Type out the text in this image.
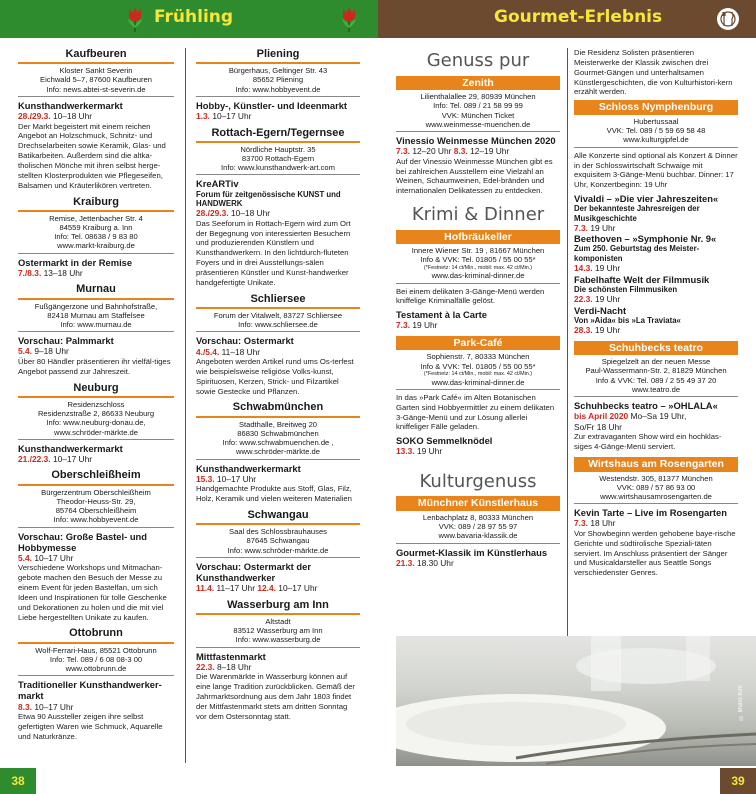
Frühling	Gourmet-Erlebnis
Kaufbeuren
Kloster Sankt Severin
Eichwald 5–7, 87600 Kaufbeuren
Info: news.abtei-st-severin.de
Kunsthandwerkermarkt
28./29.3. 10–18 Uhr
Der Markt begeistert mit einem reichen Angebot an Holzschmuck, Schnitz- und Drechselarbeiten sowie Keramik, Glas- und Batikarbeiten. Außerdem sind die altka-tholischen Mönche mit ihren selbst herge-stellten Klosterprodukten wie Pflegeseifen, Balsamen und Kräuterlikören vertreten.
Kraiburg
Remise, Jettenbacher Str. 4
84559 Kraiburg a. Inn
Info: Tel. 08638 / 9 83 80
www.markt-kraiburg.de
Ostermarkt in der Remise
7./8.3. 13–18 Uhr
Murnau
Fußgängerzone und Bahnhofstraße,
82418 Murnau am Staffelsee
Info: www.murnau.de
Vorschau: Palmmarkt
5.4. 9–18 Uhr
Über 80 Händler präsentieren ihr vielfäl-tiges Angebot passend zur Jahreszeit.
Neuburg
Residenzschloss
Residenzstraße 2, 86633 Neuburg
Info: www.neuburg-donau.de,
www.schröder-märkte.de
Kunsthandwerkermarkt
21./22.3. 10–17 Uhr
Oberschleißheim
Bürgerzentrum Oberschleißheim
Theodor-Heuss-Str. 29,
85764 Oberschleißheim
Info: www.hobbyevent.de
Vorschau: Große Bastel- und Hobbymesse
5.4. 10–17 Uhr
Verschiedene Workshops und Mitmachan-gebote machen den Besuch der Messe zu einem Event für jeden Bastelfan, um sich Ideen und Inspirationen für tolle Geschenke und Dekorationen zu holen und die mit viel Liebe hergestellten Unikate zu kaufen.
Ottobrunn
Wolf-Ferrari-Haus, 85521 Ottobrunn
Info: Tel. 089 / 6 08 08-3 00
www.ottobrunn.de
Traditioneller Kunsthandwerker-markt
8.3. 10–17 Uhr
Etwa 90 Aussteller zeigen ihre selbst gefertigten Waren wie Schmuck, Aquarelle und Naturkränze.
Pliening
Bürgerhaus, Geltinger Str. 43
85652 Pliening
Info: www.hobbyevent.de
Hobby-, Künstler- und Ideenmarkt
1.3. 10–17 Uhr
Rottach-Egern/Tegernsee
Nördliche Hauptstr. 35
83700 Rottach-Egern
Info: www.kunsthandwerk-art.com
KreARTiv
Forum für zeitgenössische KUNST und HANDWERK
28./29.3. 10–18 Uhr
Das Seeforum in Rottach-Egern wird zum Ort der Begegnung von interessierten Besuchern und produzierenden Künstlern und Kunsthandwerkern. In den lichtdurch-fluteten Foyers und in drei Ausstellungs-sälen präsentieren Künstler und Kunst-handwerker handgefertigte Unikate.
Schliersee
Forum der Vitalwelt, 83727 Schliersee
Info: www.schliersee.de
Vorschau: Ostermarkt
4./5.4. 11–18 Uhr
Angeboten werden Artikel rund ums Os-terfest wie beispielsweise religiöse Volks-kunst, Spirituosen, Kerzen, Strick- und Filzartikel sowie Gestecke und Pflanzen.
Schwabmünchen
Stadthalle, Breitweg 20
86830 Schwabmünchen
Info: www.schwabmuenchen.de ,
www.schröder-märkte.de
Kunsthandwerkermarkt
15.3. 10–17 Uhr
Handgemachte Produkte aus Stoff, Glas, Filz, Holz, Keramik und vielen weiteren Materialien
Schwangau
Saal des Schlossbrauhauses
87645 Schwangau
Info: www.schröder-märkte.de
Vorschau: Ostermarkt der Kunsthandwerker
11.4. 11–17 Uhr 12.4. 10–17 Uhr
Wasserburg am Inn
Altstadt
83512 Wasserburg am Inn
Info: www.wasserburg.de
Mittfastenmarkt
22.3. 8–18 Uhr
Die Warenmärkte in Wasserburg können auf eine lange Tradition zurückblicken. Gemäß der Jahrmarktsordnung aus dem Jahr 1803 findet der Mittfastenmarkt stets am dritten Sonntag vor dem Ostersonntag statt.
Genuss pur
Zenith
Lilienthalallee 29, 80939 München
Info: Tel. 089 / 21 58 99 99
VVK: München Ticket
www.weinmesse-muenchen.de
Vinessio Weinmesse München 2020
7.3. 12–20 Uhr 8.3. 12–19 Uhr
Auf der Vinessio Weinmesse München gibt es bei zahlreichen Ausstellern eine Vielzahl an Weinen, Schaumweinen, Edel-bränden und internationalen Delikatessen zu entdecken.
Krimi & Dinner
Hofbräukeller
Innere Wiener Str. 19 , 81667 München
Info & VVK: Tel. 01805 / 55 00 55*
(*Festnetz: 14 ct/Min., mobil: max. 42 ct/Min.)
www.das-kriminal-dinner.de
Bei einem delikaten 3-Gänge-Menü werden kniffelige Kriminalfälle gelöst.
Testament à la Carte
7.3. 19 Uhr
Park-Café
Sophienstr. 7, 80333 München
Info & VVK: Tel. 01805 / 55 00 55*
(*Festnetz: 14 ct/Min., mobil: max. 42 ct/Min.)
www.das-kriminal-dinner.de
In das »Park Café« im Alten Botanischen Garten sind Hobbyermittler zu einem delikaten 3-Gänge-Menü und zur Lösung allerlei kniffeliger Fälle geladen.
SOKO Semmelknödel
13.3. 19 Uhr
Kulturgenuss
Münchner Künstlerhaus
Lenbachplatz 8, 80333 München
VVK: 089 / 28 97 55 97
www.bavaria-klassik.de
Gourmet-Klassik im Künstlerhaus
21.3. 18.30 Uhr
Die Residenz Solisten präsentieren Meisterwerke der Klassik zwischen drei Gourmet-Gängen und unterhaltsamen Künstlergeschichten, die von Kulturhistori-kern erzählt werden.
Schloss Nymphenburg
Hubertussaal
VVK: Tel. 089 / 5 59 69 58 48
www.kulturgipfel.de
Alle Konzerte sind optional als Konzert & Dinner in der Schlosswirtschaft Schwaige mit exquisitem 3-Gänge-Menü buchbar. Dinner: 17 Uhr, Konzertbeginn: 19 Uhr
Vivaldi – »Die vier Jahreszeiten«
Der bekannteste Jahresreigen der Musikgeschichte
7.3. 19 Uhr
Beethoven – »Symphonie Nr. 9«
Zum 250. Geburtstag des Meister-komponisten
14.3. 19 Uhr
Fabelhafte Welt der Filmmusik
Die schönsten Filmmusiken
22.3. 19 Uhr
Verdi-Nacht
Von »Aida« bis »La Traviata«
28.3. 19 Uhr
Schuhbecks teatro
Spiegelzelt an der neuen Messe
Paul-Wassermann-Str. 2, 81829 München
Info & VVK: Tel. 089 / 2 55 49 37 20
www.teatro.de
Schuhbecks teatro – »OHLALA«
bis April 2020 Mo–Sa 19 Uhr,
So/Fr 18 Uhr
Zur extravaganten Show wird ein hochklas-siges 4-Gänge-Menü serviert.
Wirtshaus am Rosengarten
Westendstr. 305, 81377 München
VVK: 089 / 57 86 93 00
www.wirtshausamrosengarten.de
Kevin Tarte – Live im Rosengarten
7.3. 18 Uhr
Vor Showbeginn werden gehobene baye-rische Gerichte und südtirolische Speziali-täten serviert. Im Anschluss präsentiert der Sänger und Musicaldarsteller aus Seattle Songs verschiedenster Genres.
© Mario Kim
38	39
